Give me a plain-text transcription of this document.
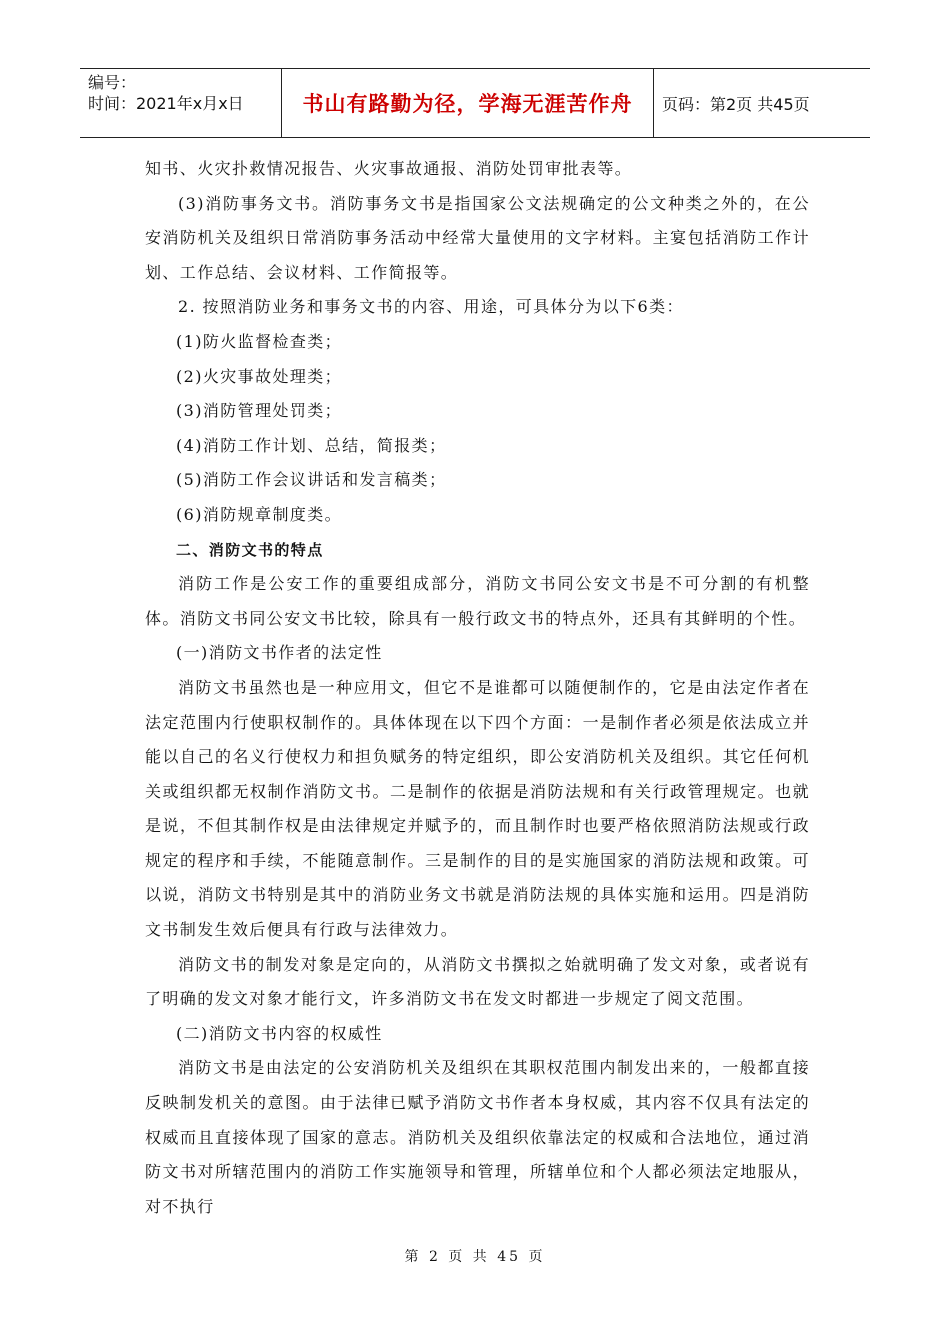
编号：
时间：2021年x月x日	书山有路勤为径，学海无涯苦作舟 页码：第2页 共45页

知书、火灾扑救情况报告、火灾事故通报、消防处罚审批表等。

(3)消防事务文书。消防事务文书是指国家公文法规确定的公文种类之外的，在公安消防机关及组织日常消防事务活动中经常大量使用的文字材料。主宴包括消防工作计划、工作总结、会议材料、工作简报等。

2. 按照消防业务和事务文书的内容、用途，可具体分为以下6类：

(1)防火监督检查类；

(2)火灾事故处理类；

(3)消防管理处罚类；

(4)消防工作计划、总结，简报类；

(5)消防工作会议讲话和发言稿类；

(6)消防规章制度类。

二、消防文书的特点

消防工作是公安工作的重要组成部分，消防文书同公安文书是不可分割的有机整体。消防文书同公安文书比较，除具有一般行政文书的特点外，还具有其鲜明的个性。

(一)消防文书作者的法定性

消防文书虽然也是一种应用文，但它不是谁都可以随便制作的，它是由法定作者在法定范围内行使职权制作的。具体体现在以下四个方面：一是制作者必须是依法成立并能以自己的名义行使权力和担负赋务的特定组织，即公安消防机关及组织。其它任何机关或组织都无权制作消防文书。二是制作的依据是消防法规和有关行政管理规定。也就是说，不但其制作权是由法律规定并赋予的，而且制作时也要严格依照消防法规或行政规定的程序和手续，不能随意制作。三是制作的目的是实施国家的消防法规和政策。可以说，消防文书特别是其中的消防业务文书就是消防法规的具体实施和运用。四是消防文书制发生效后便具有行政与法律效力。

消防文书的制发对象是定向的，从消防文书撰拟之始就明确了发文对象，或者说有了明确的发文对象才能行文，许多消防文书在发文时都进一步规定了阅文范围。

(二)消防文书内容的权威性

消防文书是由法定的公安消防机关及组织在其职权范围内制发出来的，一般都直接反映制发机关的意图。由于法律已赋予消防文书作者本身权威，其内容不仅具有法定的权威而且直接体现了国家的意志。消防机关及组织依靠法定的权威和合法地位，通过消防文书对所辖范围内的消防工作实施领导和管理，所辖单位和个人都必须法定地服从，对不执行

第 2 页 共 45 页
